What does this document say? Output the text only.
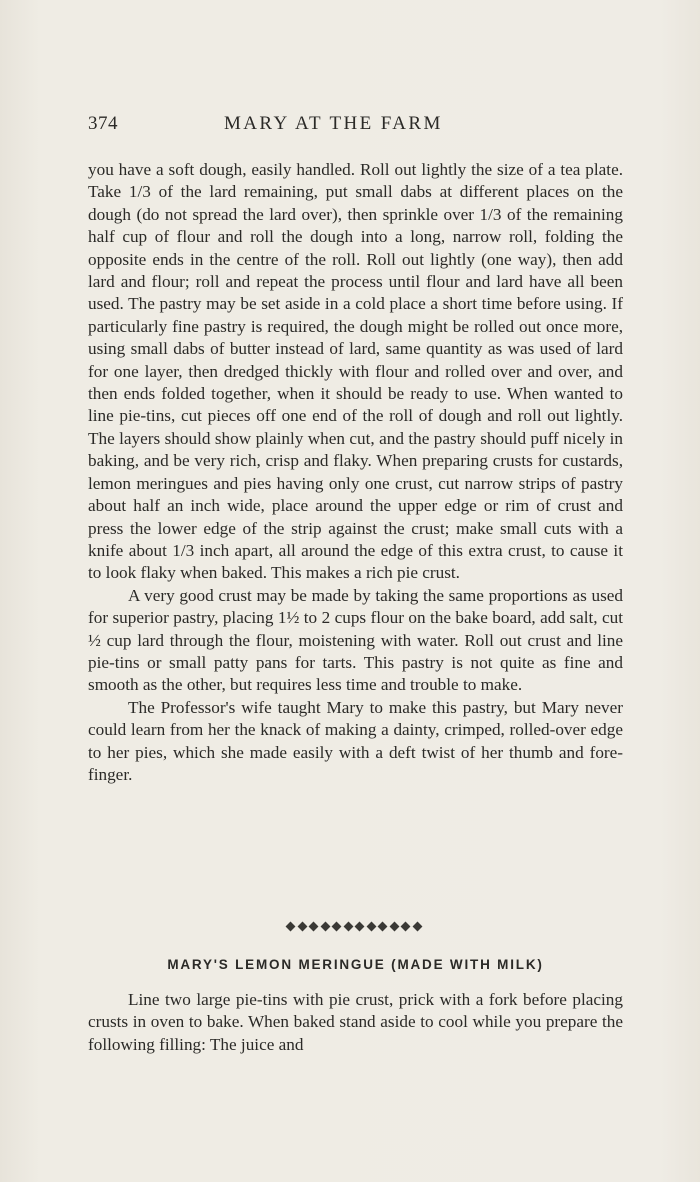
374	MARY AT THE FARM

you have a soft dough, easily handled. Roll out lightly the size of a tea plate. Take 1/3 of the lard remaining, put small dabs at different places on the dough (do not spread the lard over), then sprinkle over 1/3 of the remaining half cup of flour and roll the dough into a long, narrow roll, folding the opposite ends in the centre of the roll. Roll out lightly (one way), then add lard and flour; roll and repeat the process until flour and lard have all been used. The pastry may be set aside in a cold place a short time before using. If particularly fine pastry is required, the dough might be rolled out once more, using small dabs of butter instead of lard, same quantity as was used of lard for one layer, then dredged thickly with flour and rolled over and over, and then ends folded together, when it should be ready to use. When wanted to line pie-tins, cut pieces off one end of the roll of dough and roll out lightly. The layers should show plainly when cut, and the pastry should puff nicely in baking, and be very rich, crisp and flaky. When preparing crusts for custards, lemon meringues and pies having only one crust, cut narrow strips of pastry about half an inch wide, place around the upper edge or rim of crust and press the lower edge of the strip against the crust; make small cuts with a knife about 1/3 inch apart, all around the edge of this extra crust, to cause it to look flaky when baked. This makes a rich pie crust.

A very good crust may be made by taking the same proportions as used for superior pastry, placing 1½ to 2 cups flour on the bake board, add salt, cut ½ cup lard through the flour, moistening with water. Roll out crust and line pie-tins or small patty pans for tarts. This pastry is not quite as fine and smooth as the other, but requires less time and trouble to make.

The Professor's wife taught Mary to make this pastry, but Mary never could learn from her the knack of making a dainty, crimped, rolled-over edge to her pies, which she made easily with a deft twist of her thumb and fore-finger.

MARY'S LEMON MERINGUE (MADE WITH MILK)

Line two large pie-tins with pie crust, prick with a fork before placing crusts in oven to bake. When baked stand aside to cool while you prepare the following filling: The juice and
